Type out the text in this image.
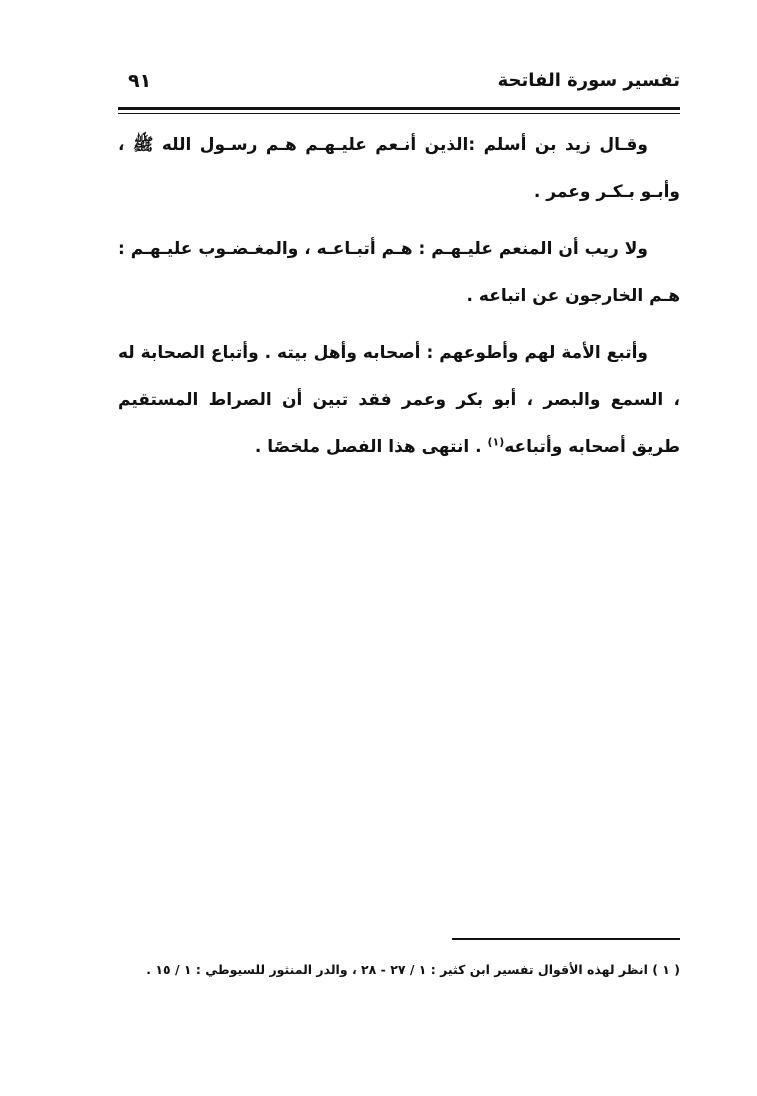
تفسير سورة الفاتحة
٩١

وقـال زيد بن أسلم :الذين أنـعم عليـهـم هـم رسـول الله ﷺ ، وأبـو بـكـر وعمر .

ولا ريب أن المنعم عليـهـم : هـم أتبـاعـه ، والمغـضـوب عليـهـم : هـم الخارجون عن اتباعه .

وأتبع الأمة لهم وأطوعهم : أصحابه وأهل بيته . وأتباع الصحابة له ، السمع والبصر ، أبو بكر وعمر فقد تبين أن الصراط المستقيم طريق أصحابه وأتباعه$^{(١)}$ . انتهى هذا الفصل ملخصًا .

( ١ ) انظر لهذه الأقوال تفسير ابن كثير : ١ / ٢٧ - ٢٨ ، والدر المنثور للسيوطي : ١ / ١٥ .
